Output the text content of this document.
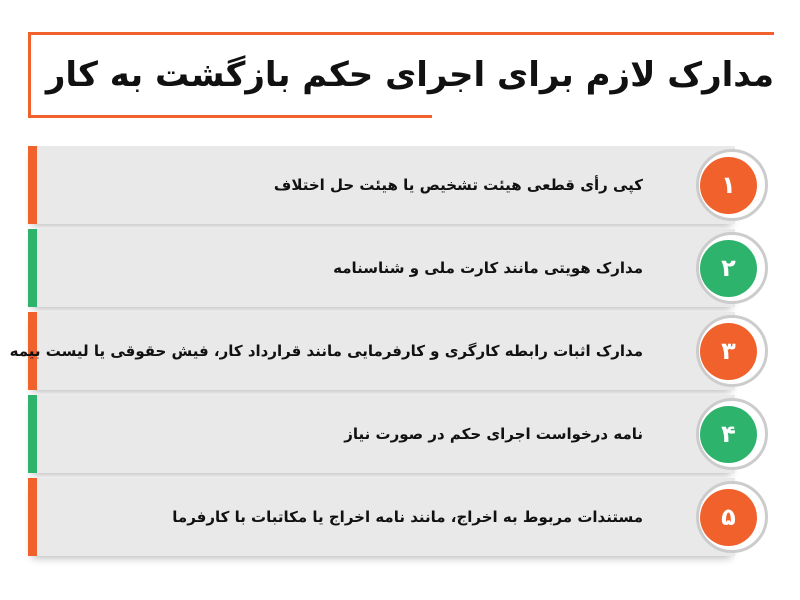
مدارک لازم برای اجرای حکم بازگشت به کار
کپی رأی قطعی هیئت تشخیص یا هیئت حل اختلاف	۱
مدارک هویتی مانند کارت ملی و شناسنامه	۲
مدارک اثبات رابطه کارگری و کارفرمایی مانند قرارداد کار، فیش حقوقی یا لیست بیمه	۳
نامه درخواست اجرای حکم در صورت نیاز	۴
مستندات مربوط به اخراج، مانند نامه اخراج یا مکاتبات با کارفرما	۵
